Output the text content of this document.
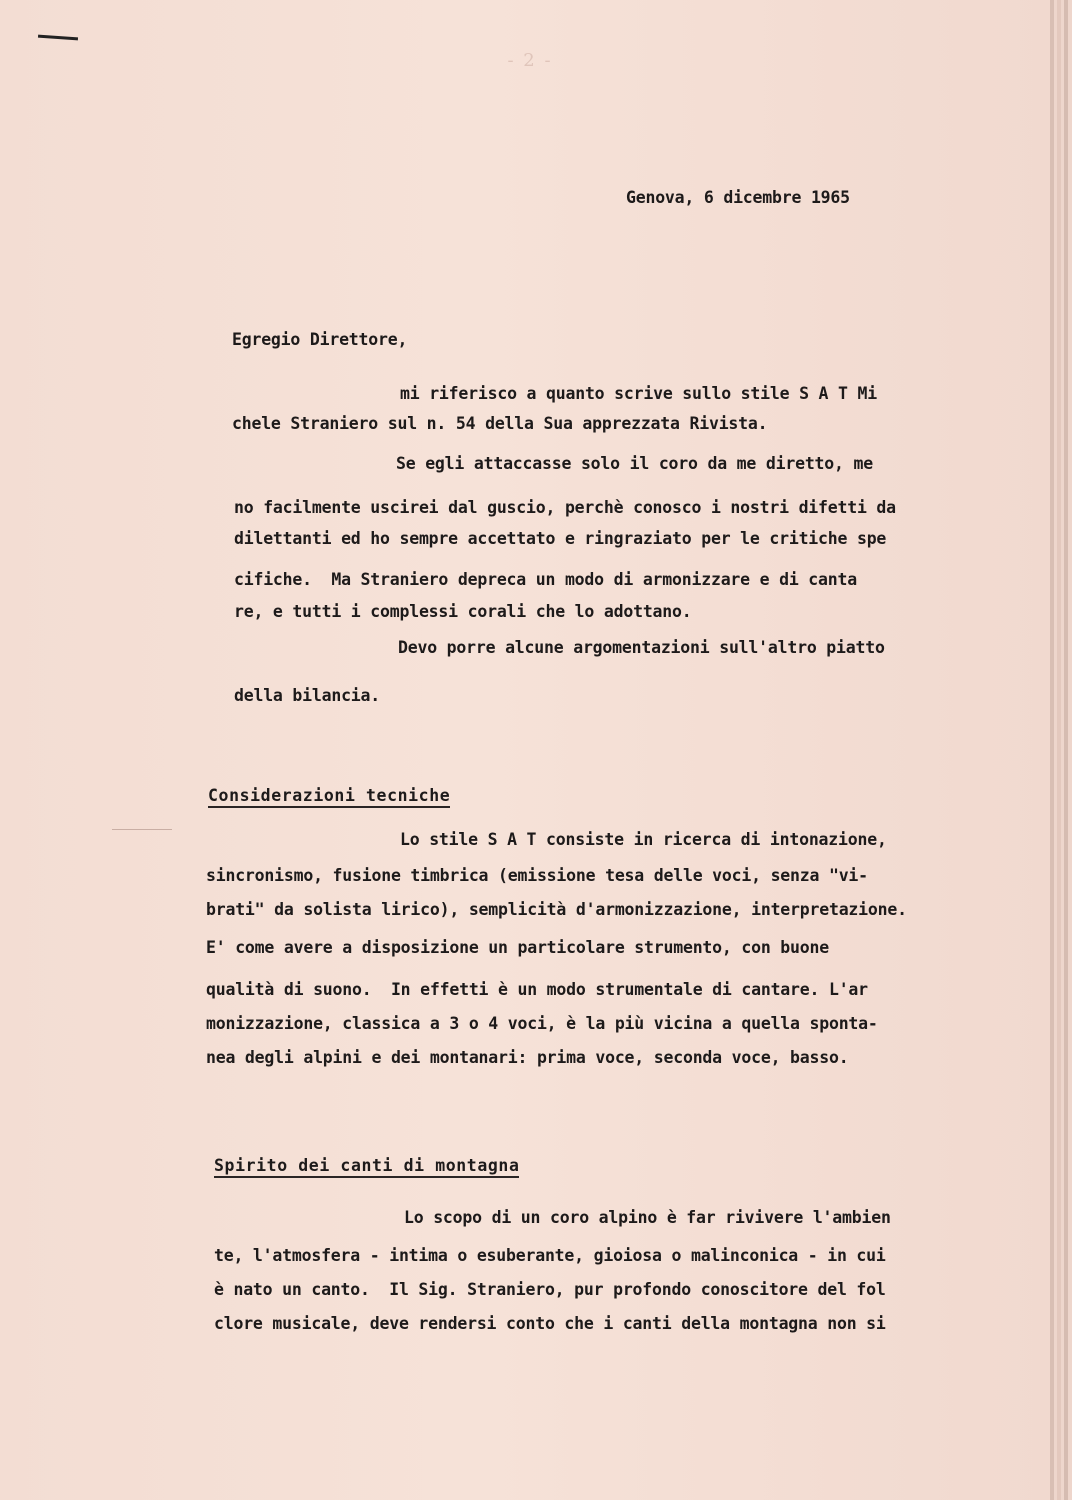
- 2 -

Genova, 6 dicembre 1965

Egregio Direttore,

mi riferisco a quanto scrive sullo stile S A T Mi

chele Straniero sul n. 54 della Sua apprezzata Rivista.

Se egli attaccasse solo il coro da me diretto, me

no facilmente uscirei dal guscio, perchè conosco i nostri difetti da

dilettanti ed ho sempre accettato e ringraziato per le critiche spe

cifiche.  Ma Straniero depreca un modo di armonizzare e di canta

re, e tutti i complessi corali che lo adottano.

Devo porre alcune argomentazioni sull'altro piatto

della bilancia.

Considerazioni tecniche

Lo stile S A T consiste in ricerca di intonazione,

sincronismo, fusione timbrica (emissione tesa delle voci, senza "vi-

brati" da solista lirico), semplicità d'armonizzazione, interpretazione.

E' come avere a disposizione un particolare strumento, con buone

qualità di suono.  In effetti è un modo strumentale di cantare. L'ar

monizzazione, classica a 3 o 4 voci, è la più vicina a quella sponta-

nea degli alpini e dei montanari: prima voce, seconda voce, basso.

Spirito dei canti di montagna

Lo scopo di un coro alpino è far rivivere l'ambien

te, l'atmosfera - intima o esuberante, gioiosa o malinconica - in cui

è nato un canto.  Il Sig. Straniero, pur profondo conoscitore del fol

clore musicale, deve rendersi conto che i canti della montagna non si
